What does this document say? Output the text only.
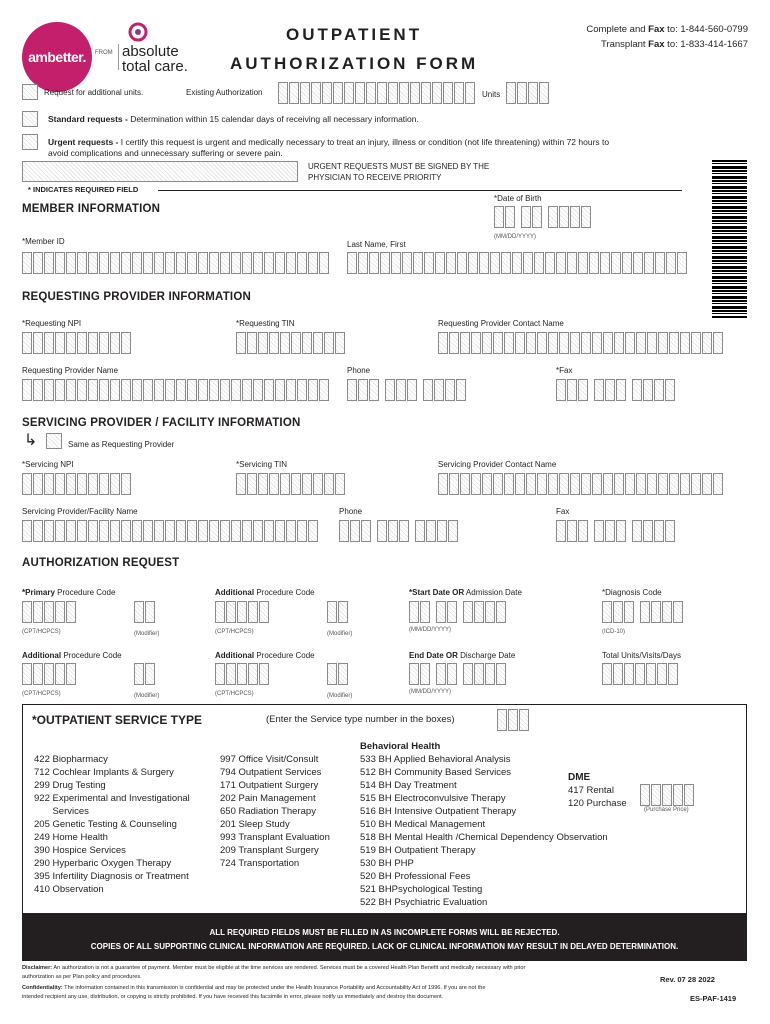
ambetter. FROM absolute
total care.
OUTPATIENT
AUTHORIZATION FORM
Complete and Fax to: 1-844-560-0799
Transplant Fax to: 1-833-414-1667
Request for additional units.	Existing Authorization	Units
Standard requests - Determination within 15 calendar days of receiving all necessary information.
Urgent requests - I certify this request is urgent and medically necessary to treat an injury, illness or condition (not life threatening) within 72 hours to
avoid complications and unnecessary suffering or severe pain.
URGENT REQUESTS MUST BE SIGNED BY THE
PHYSICIAN TO RECEIVE PRIORITY
* INDICATES REQUIRED FIELD
MEMBER INFORMATION
*Date of Birth
(MM/DD/YYYY)
*Member ID	Last Name, First
REQUESTING PROVIDER INFORMATION
*Requesting NPI	*Requesting TIN	Requesting Provider Contact Name
Requesting Provider Name	Phone	*Fax
SERVICING PROVIDER / FACILITY INFORMATION
↳	Same as Requesting Provider
*Servicing NPI	*Servicing TIN	Servicing Provider Contact Name
Servicing Provider/Facility Name	Phone	Fax
AUTHORIZATION REQUEST
*Primary Procedure Code	Additional Procedure Code	*Start Date OR Admission Date	*Diagnosis Code
(CPT/HCPCS)	(Modifier)	(CPT/HCPCS)	(Modifier)
(MM/DD/YYYY)	(ICD-10)
Additional Procedure Code	Additional Procedure Code	End Date OR Discharge Date	Total Units/Visits/Days
(CPT/HCPCS)	(Modifier)	(CPT/HCPCS)	(Modifier)
(MM/DD/YYYY)
*OUTPATIENT SERVICE TYPE	(Enter the Service type number in the boxes)
422 Biopharmacy
712 Cochlear Implants & Surgery
299 Drug Testing
922 Experimental and Investigational
Services
205 Genetic Testing & Counseling
249 Home Health
390 Hospice Services
290 Hyperbaric Oxygen Therapy
395 Infertility Diagnosis or Treatment
410 Observation
997 Office Visit/Consult
794 Outpatient Services
171 Outpatient Surgery
202 Pain Management
650 Radiation Therapy
201 Sleep Study
993 Transplant Evaluation
209 Transplant Surgery
724 Transportation
Behavioral Health
533 BH Applied Behavioral Analysis
512 BH Community Based Services
514 BH Day Treatment
515 BH Electroconvulsive Therapy
516 BH Intensive Outpatient Therapy
510 BH Medical Management
518 BH Mental Health /Chemical Dependency Observation
519 BH Outpatient Therapy
530 BH PHP
520 BH Professional Fees
521 BHPsychological Testing
522 BH Psychiatric Evaluation
DME
417 Rental
120 Purchase
(Purchase Price)
ALL REQUIRED FIELDS MUST BE FILLED IN AS INCOMPLETE FORMS WILL BE REJECTED.
COPIES OF ALL SUPPORTING CLINICAL INFORMATION ARE REQUIRED. LACK OF CLINICAL INFORMATION MAY RESULT IN DELAYED DETERMINATION.
Disclaimer: An authorization is not a guarantee of payment. Member must be eligible at the time services are rendered. Services must be a covered Health Plan Benefit and medically necessary with prior
authorization as per Plan policy and procedures.
Confidentiality: The information contained in this transmission is confidential and may be protected under the Health Insurance Portability and Accountability Act of 1996. If you are not the
intended recipient any use, distribution, or copying is strictly prohibited. If you have received this facsimile in error, please notify us immediately and destroy this document.
Rev. 07 28 2022
ES-PAF-1419
